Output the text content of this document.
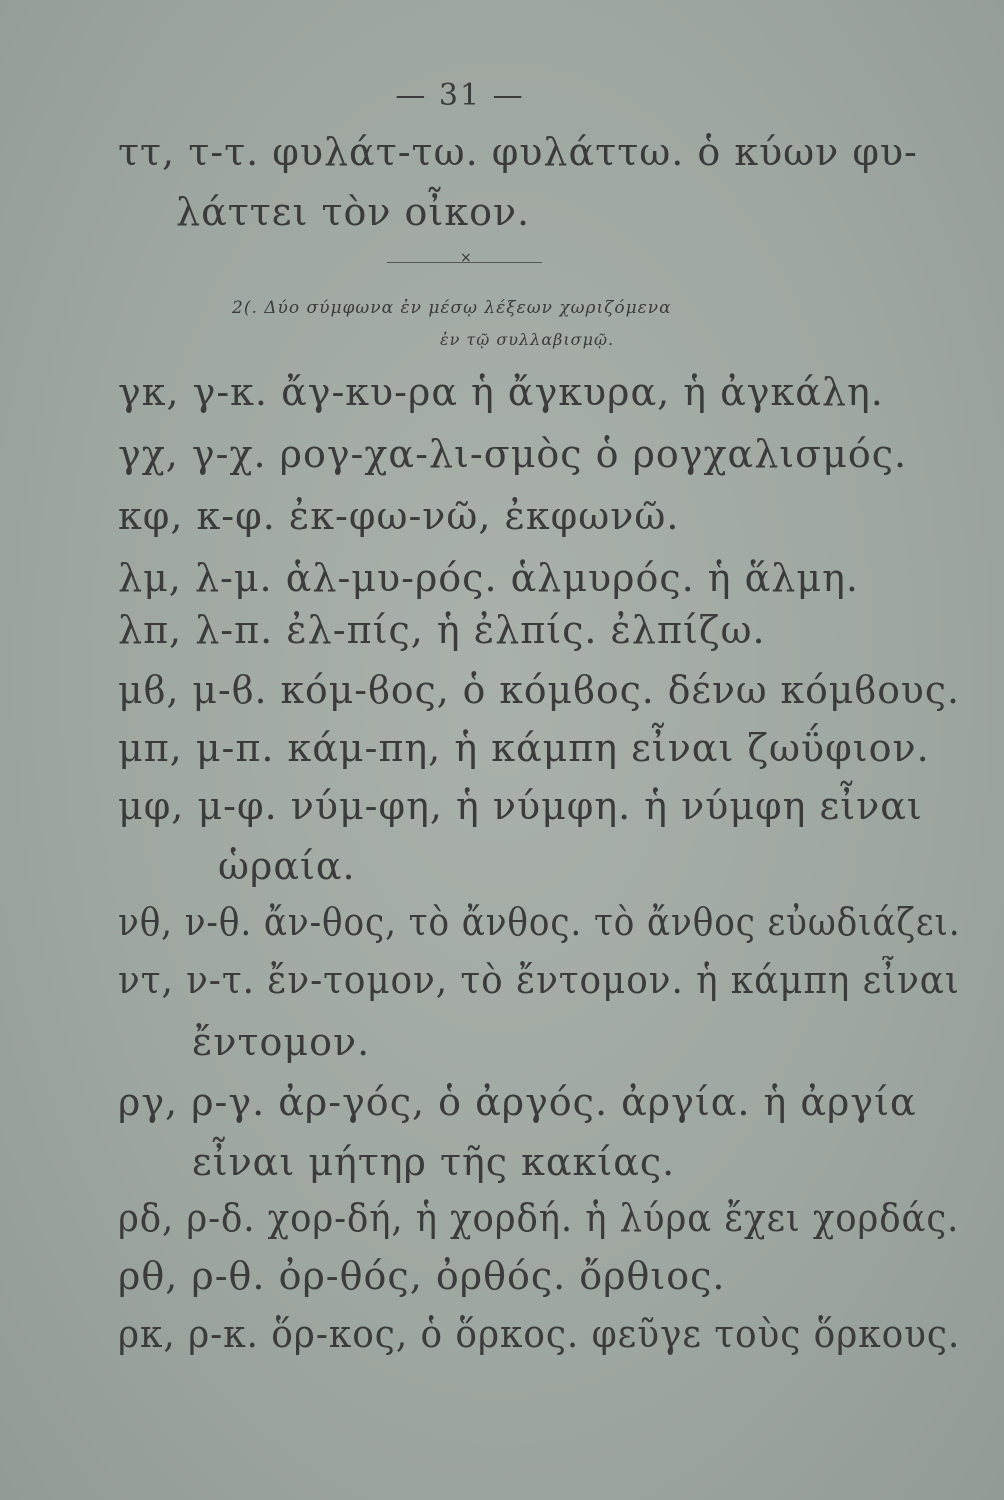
— 31 —
ττ, τ-τ. φυλάτ-τω. φυλάττω. ὁ κύων φυ-
λάττει τὸν οἶκον.
×
2(. Δύο σύμφωνα ἐν μέσῳ λέξεων χωριζόμενα
ἐν τῷ συλλαβισμῷ.
γκ, γ-κ. ἄγ-κυ-ρα ἡ ἄγκυρα, ἡ ἀγκάλη.
γχ, γ-χ. ρογ-χα-λι-σμὸς ὁ ρογχαλισμός.
κφ, κ-φ. ἐκ-φω-νῶ, ἐκφωνῶ.
λμ, λ-μ. ἁλ-μυ-ρός. ἁλμυρός. ἡ ἅλμη.
λπ, λ-π. ἐλ-πίς, ἡ ἐλπίς. ἐλπίζω.
μϐ, μ-ϐ. κόμ-ϐος, ὁ κόμϐος. δένω κόμϐους.
μπ, μ-π. κάμ-πη, ἡ κάμπη εἶναι ζωΰφιον.
μφ, μ-φ. νύμ-φη, ἡ νύμφη. ἡ νύμφη εἶναι
ὡραία.
νθ, ν-θ. ἄν-θος, τὸ ἄνθος. τὸ ἄνθος εὐωδιάζει.
ντ, ν-τ. ἔν-τομον, τὸ ἔντομον. ἡ κάμπη εἶναι
ἔντομον.
ργ, ρ-γ. ἀρ-γός, ὁ ἀργός. ἀργία. ἡ ἀργία
εἶναι μήτηρ τῆς κακίας.
ρδ, ρ-δ. χορ-δή, ἡ χορδή. ἡ λύρα ἔχει χορδάς.
ρθ, ρ-θ. ὀρ-θός, ὀρθός. ὄρθιος.
ρκ, ρ-κ. ὅρ-κος, ὁ ὅρκος. φεῦγε τοὺς ὅρκους.
